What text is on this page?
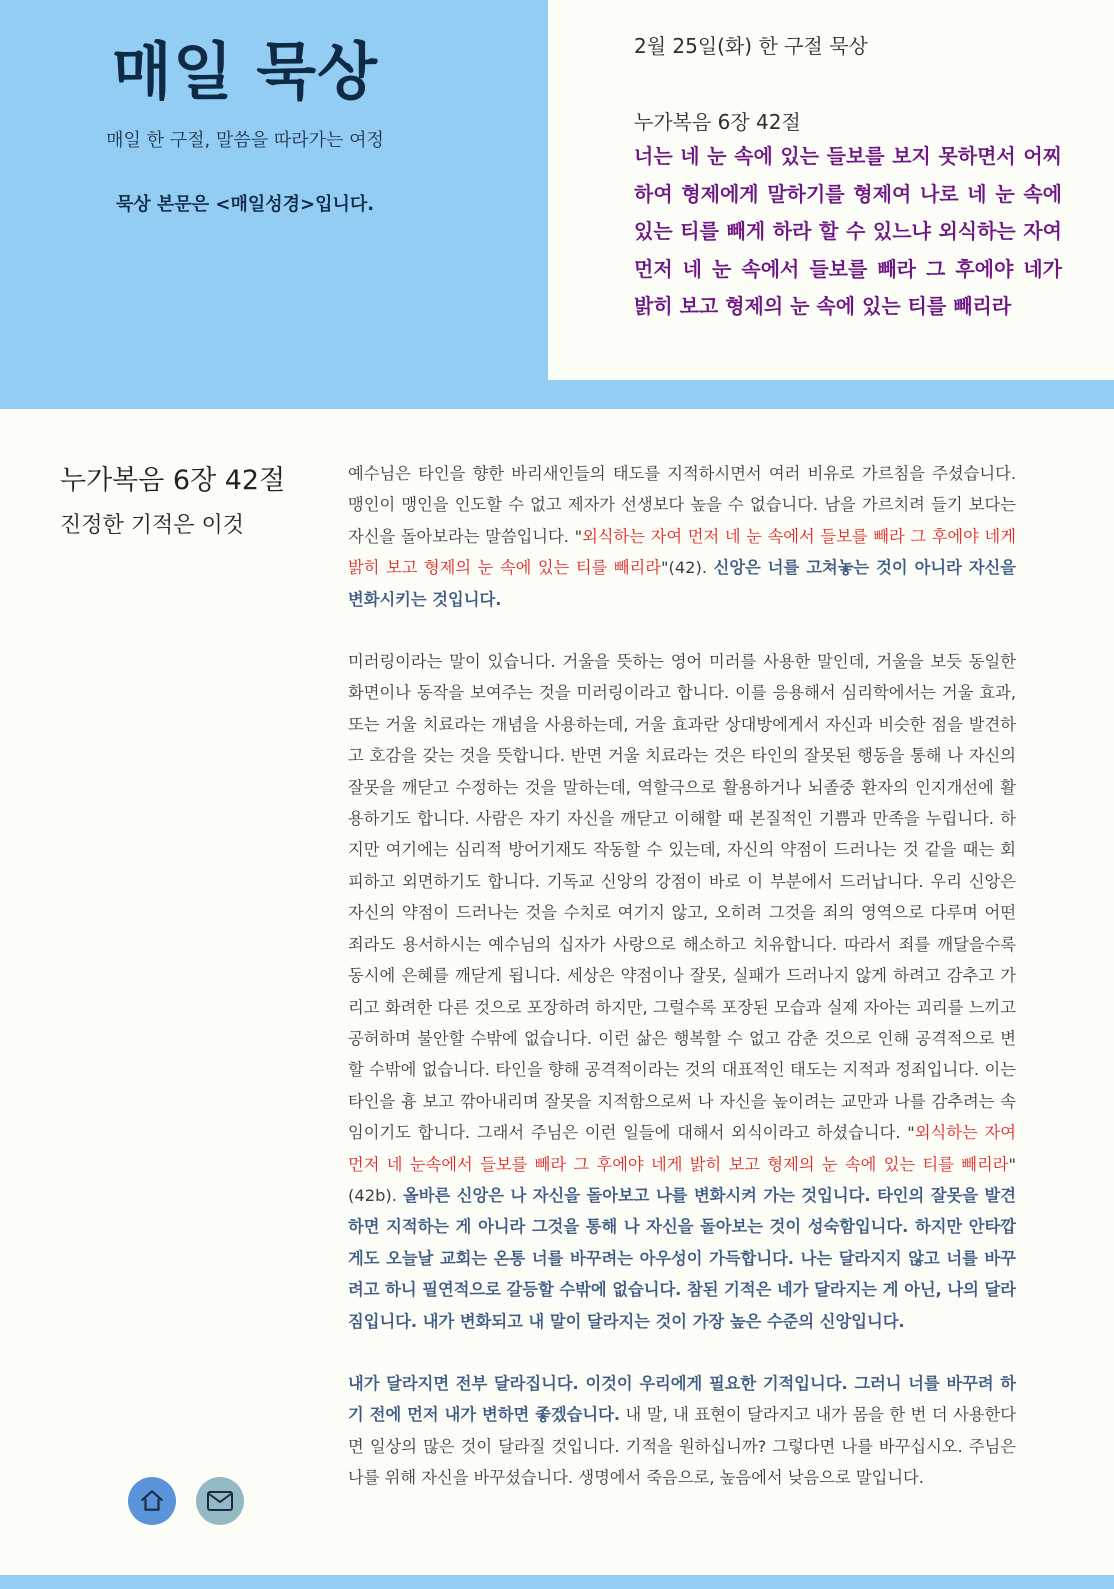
매일 묵상

매일 한 구절, 말씀을 따라가는 여정

묵상 본문은 <매일성경>입니다.

2월 25일(화) 한 구절 묵상
누가복음 6장 42절

너는 네 눈 속에 있는 들보를 보지 못하면서 어찌하여 형제에게 말하기를 형제여 나로 네 눈 속에 있는 티를 빼게 하라 할 수 있느냐 외식하는 자여 먼저 네 눈 속에서 들보를 빼라 그 후에야 네가 밝히 보고 형제의 눈 속에 있는 티를 빼리라

누가복음 6장 42절
진정한 기적은 이것

예수님은 타인을 향한 바리새인들의 태도를 지적하시면서 여러 비유로 가르침을 주셨습니다. 맹인이 맹인을 인도할 수 없고 제자가 선생보다 높을 수 없습니다. 남을 가르치려 들기 보다는 자신을 돌아보라는 말씀입니다. "외식하는 자여 먼저 네 눈 속에서 들보를 빼라 그 후에야 네게 밝히 보고 형제의 눈 속에 있는 티를 빼리라"(42). 신앙은 너를 고쳐놓는 것이 아니라 자신을 변화시키는 것입니다.

미러링이라는 말이 있습니다. 거울을 뜻하는 영어 미러를 사용한 말인데, 거울을 보듯 동일한 화면이나 동작을 보여주는 것을 미러링이라고 합니다. 이를 응용해서 심리학에서는 거울 효과, 또는 거울 치료라는 개념을 사용하는데, 거울 효과란 상대방에게서 자신과 비슷한 점을 발견하고 호감을 갖는 것을 뜻합니다. 반면 거울 치료라는 것은 타인의 잘못된 행동을 통해 나 자신의 잘못을 깨닫고 수정하는 것을 말하는데, 역할극으로 활용하거나 뇌졸중 환자의 인지개선에 활용하기도 합니다. 사람은 자기 자신을 깨닫고 이해할 때 본질적인 기쁨과 만족을 누립니다. 하지만 여기에는 심리적 방어기재도 작동할 수 있는데, 자신의 약점이 드러나는 것 같을 때는 회피하고 외면하기도 합니다. 기독교 신앙의 강점이 바로 이 부분에서 드러납니다. 우리 신앙은 자신의 약점이 드러나는 것을 수치로 여기지 않고, 오히려 그것을 죄의 영역으로 다루며 어떤 죄라도 용서하시는 예수님의 십자가 사랑으로 해소하고 치유합니다. 따라서 죄를 깨달을수록 동시에 은혜를 깨닫게 됩니다. 세상은 약점이나 잘못, 실패가 드러나지 않게 하려고 감추고 가리고 화려한 다른 것으로 포장하려 하지만, 그럴수록 포장된 모습과 실제 자아는 괴리를 느끼고 공허하며 불안할 수밖에 없습니다. 이런 삶은 행복할 수 없고 감춘 것으로 인해 공격적으로 변할 수밖에 없습니다. 타인을 향해 공격적이라는 것의 대표적인 태도는 지적과 정죄입니다. 이는 타인을 흉 보고 깎아내리며 잘못을 지적함으로써 나 자신을 높이려는 교만과 나를 감추려는 속임이기도 합니다. 그래서 주님은 이런 일들에 대해서 외식이라고 하셨습니다. "외식하는 자여 먼저 네 눈속에서 들보를 빼라 그 후에야 네게 밝히 보고 형제의 눈 속에 있는 티를 빼리라"(42b). 올바른 신앙은 나 자신을 돌아보고 나를 변화시켜 가는 것입니다. 타인의 잘못을 발견하면 지적하는 게 아니라 그것을 통해 나 자신을 돌아보는 것이 성숙함입니다. 하지만 안타깝게도 오늘날 교회는 온통 너를 바꾸려는 아우성이 가득합니다. 나는 달라지지 않고 너를 바꾸려고 하니 필연적으로 갈등할 수밖에 없습니다. 참된 기적은 네가 달라지는 게 아닌, 나의 달라짐입니다. 내가 변화되고 내 말이 달라지는 것이 가장 높은 수준의 신앙입니다.

내가 달라지면 전부 달라집니다. 이것이 우리에게 필요한 기적입니다. 그러니 너를 바꾸려 하기 전에 먼저 내가 변하면 좋겠습니다. 내 말, 내 표현이 달라지고 내가 몸을 한 번 더 사용한다면 일상의 많은 것이 달라질 것입니다. 기적을 원하십니까? 그렇다면 나를 바꾸십시오. 주님은 나를 위해 자신을 바꾸셨습니다. 생명에서 죽음으로, 높음에서 낮음으로 말입니다.
